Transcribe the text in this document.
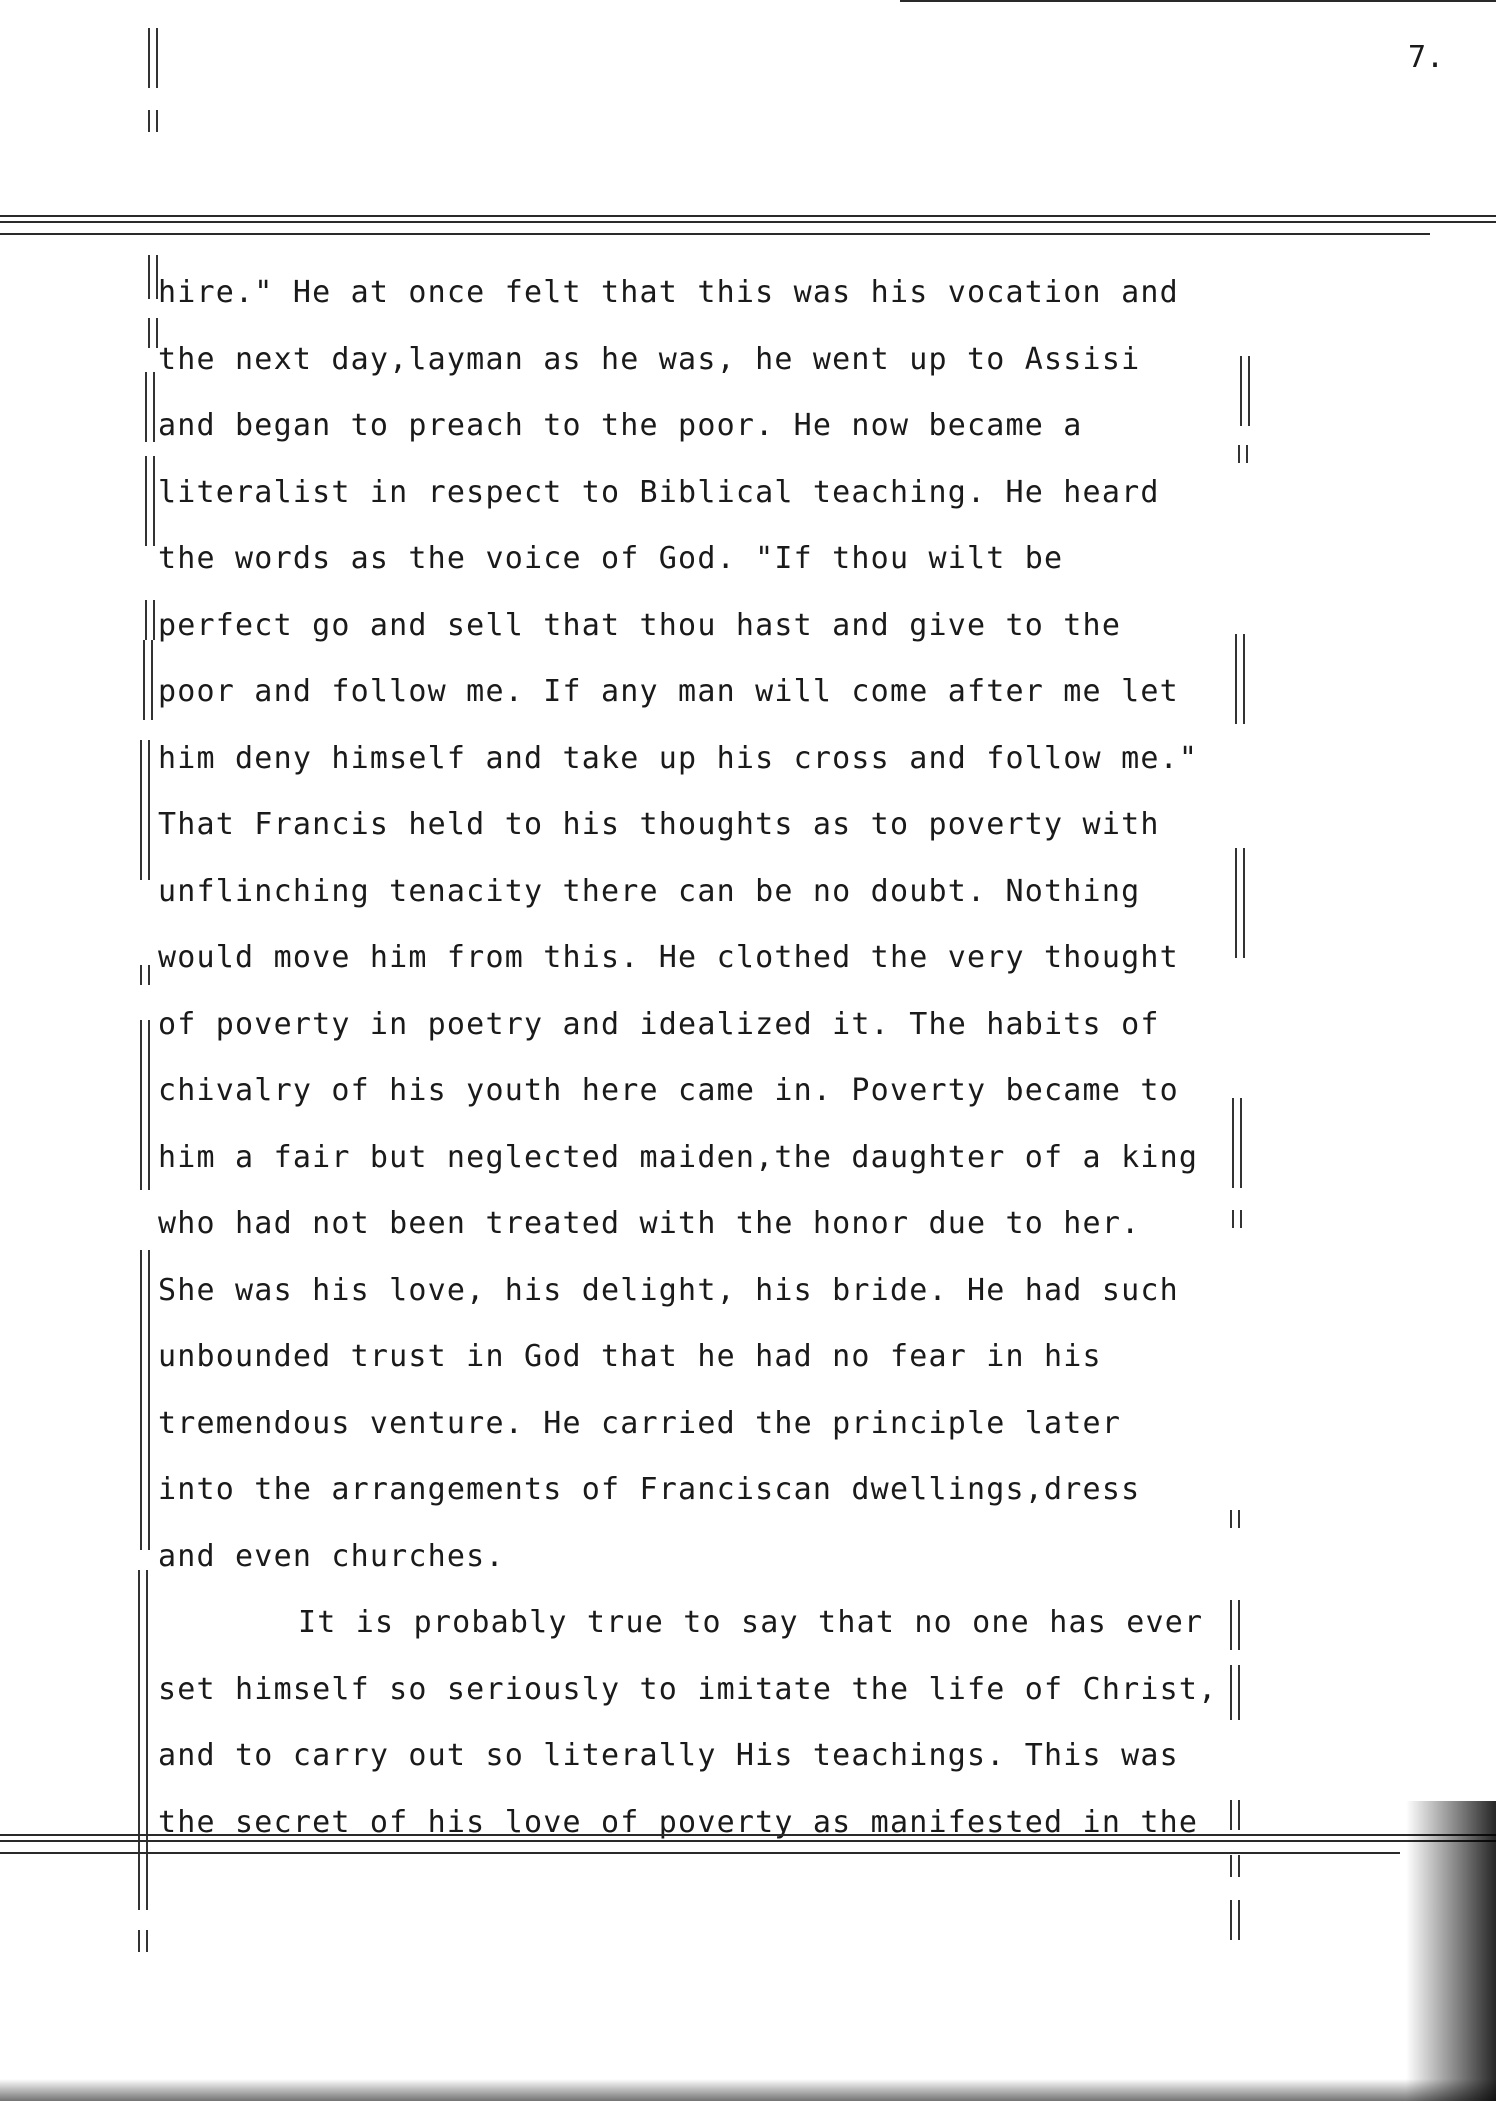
7.
hire." He at once felt that this was his vocation and
the next day,layman as he was, he went up to Assisi
and began to preach to the poor. He now became a
literalist in respect to Biblical teaching. He heard
the words as the voice of God. "If thou wilt be
perfect go and sell that thou hast and give to the
poor and follow me. If any man will come after me let
him deny himself and take up his cross and follow me."
That Francis held to his thoughts as to poverty with
unflinching tenacity there can be no doubt. Nothing
would move him from this. He clothed the very thought
of poverty in poetry and idealized it. The habits of
chivalry of his youth here came in. Poverty became to
him a fair but neglected maiden,the daughter of a king
who had not been treated with the honor due to her.
She was his love, his delight, his bride. He had such
unbounded trust in God that he had no fear in his
tremendous venture. He carried the principle later
into the arrangements of Franciscan dwellings,dress
and even churches.
It is probably true to say that no one has ever
set himself so seriously to imitate the life of Christ,
and to carry out so literally His teachings. This was
the secret of his love of poverty as manifested in the
